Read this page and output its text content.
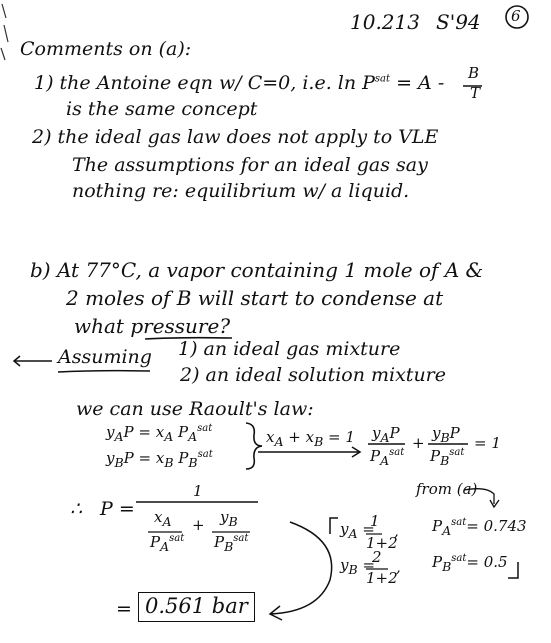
10.213 S'94 6
Comments on (a):
1) the Antoine eqn w/ C=0, i.e. $\ln P^{sat} = A - B$
T
is the same concept
2) the ideal gas law does not apply to VLE
The assumptions for an ideal gas say
nothing re: equilibrium w/ a liquid.
b) At 77°C, a vapor containing 1 mole of A &
2 moles of B will start to condense at
what pressure?
Assuming 1) an ideal gas mixture
2) an ideal solution mixture
we can use Raoult's law:
$y_AP = x_A$ $P_A^{sat}$
$y_BP = x_B$ $P_B^{sat}$
$x_A + x_B = 1$ $y_AP$
$P_A^{sat}$
+
$y_BP$
$P_B^{sat}$
= 1
∴ P =
1
$x_A$
$P_A^{sat}$
+ $y_B$
$P_B^{sat}$
from (a)
$y_A$ =
1
1+2
, $P_A^{sat}= 0.743$
$y_B$ =
2
1+2
, $P_B^{sat}= 0.5$
= 0.561 bar
